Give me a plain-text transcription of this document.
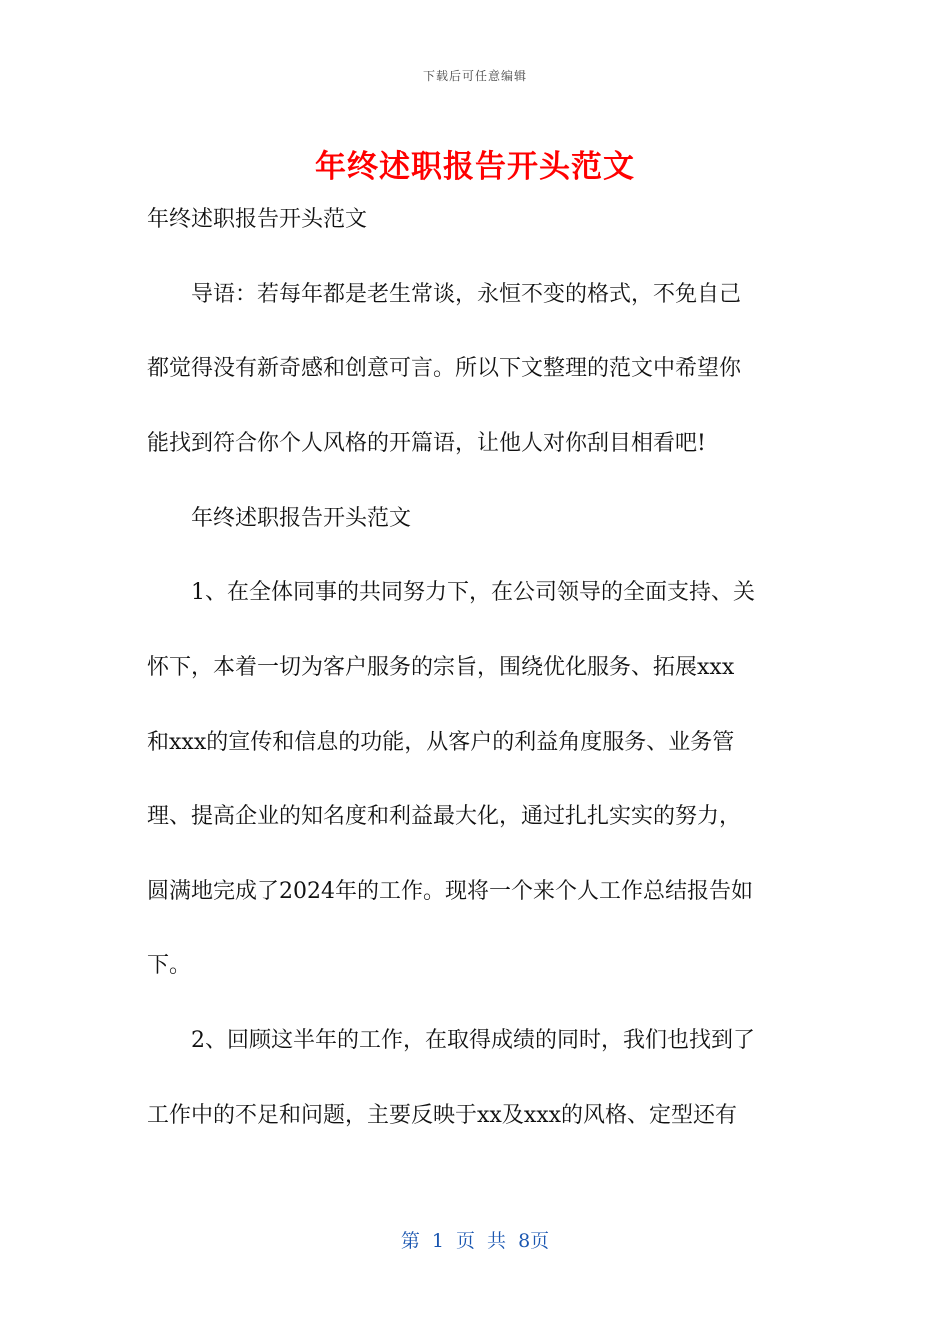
下载后可任意编辑
年终述职报告开头范文
年终述职报告开头范文
导语：若每年都是老生常谈，永恒不变的格式，不免自己
都觉得没有新奇感和创意可言。所以下文整理的范文中希望你
能找到符合你个人风格的开篇语，让他人对你刮目相看吧!
年终述职报告开头范文
1、在全体同事的共同努力下，在公司领导的全面支持、关
怀下，本着一切为客户服务的宗旨，围绕优化服务、拓展xxx
和xxx的宣传和信息的功能，从客户的利益角度服务、业务管
理、提高企业的知名度和利益最大化，通过扎扎实实的努力，
圆满地完成了2024年的工作。现将一个来个人工作总结报告如
下。
2、回顾这半年的工作，在取得成绩的同时，我们也找到了
工作中的不足和问题，主要反映于xx及xxx的风格、定型还有
第 1 页 共 8页
